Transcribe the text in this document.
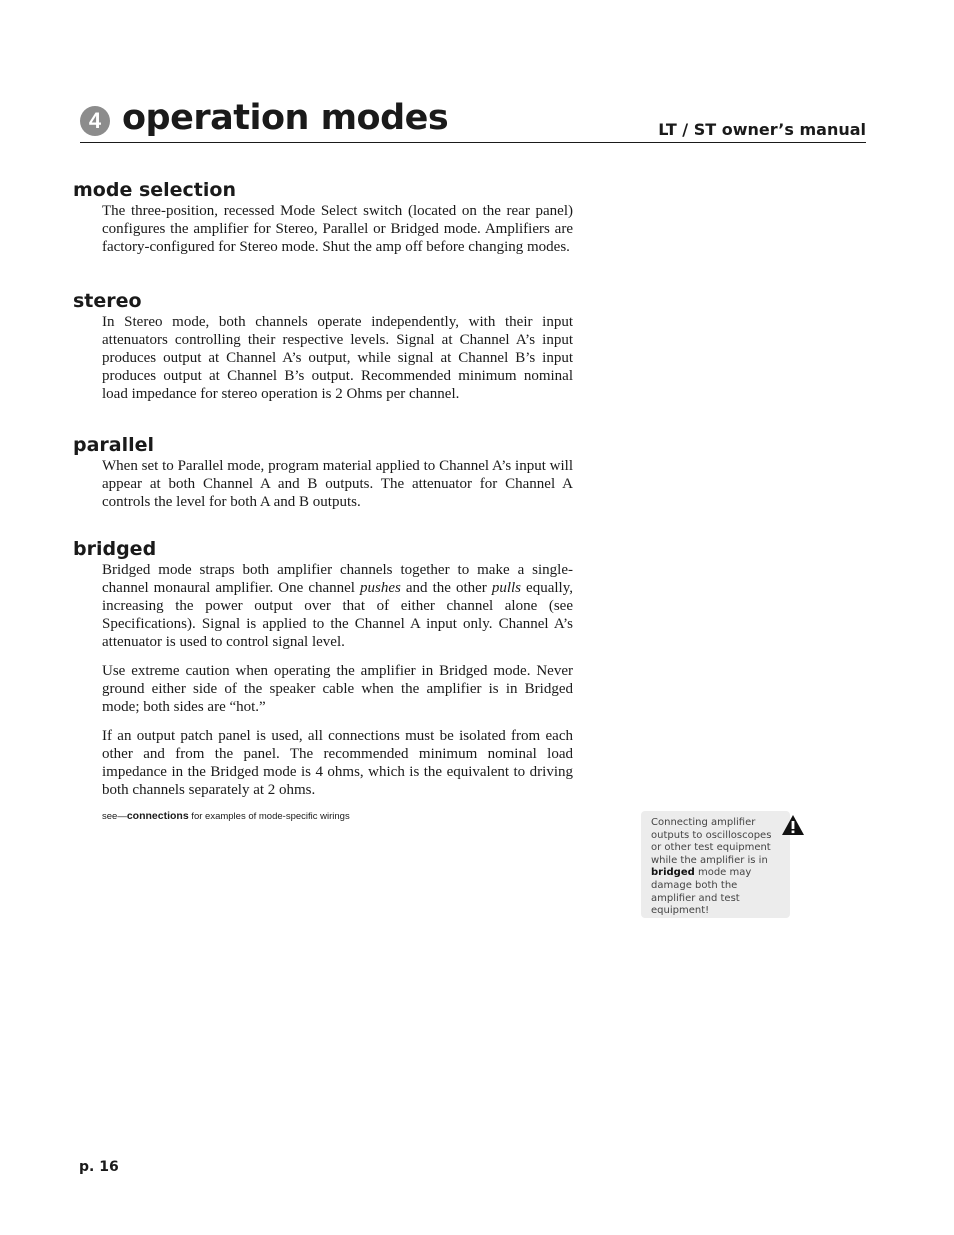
4 operation modes	LT / ST owner’s manual
mode selection

The three-position, recessed Mode Select switch (located on the rear panel) configures the amplifier for Stereo, Parallel or Bridged mode. Amplifiers are factory-configured for Stereo mode. Shut the amp off before changing modes.

stereo

In Stereo mode, both channels operate independently, with their input attenuators controlling their respective levels. Signal at Channel A’s input produces output at Channel A’s output, while signal at Channel B’s input produces output at Channel B’s output. Recommended minimum nominal load impedance for stereo operation is 2 Ohms per channel.

parallel

When set to Parallel mode, program material applied to Channel A’s input will appear at both Channel A and B outputs. The attenuator for Channel A controls the level for both A and B outputs.

bridged

Bridged mode straps both amplifier channels together to make a single-channel monaural amplifier. One channel pushes and the other pulls equally, increasing the power output over that of either channel alone (see Specifications). Signal is applied to the Channel A input only. Channel A’s attenuator is used to control signal level.

Use extreme caution when operating the amplifier in Bridged mode. Never ground either side of the speaker cable when the amplifier is in Bridged mode; both sides are “hot.”

If an output patch panel is used, all connections must be isolated from each other and from the panel. The recommended minimum nominal load impedance in the Bridged mode is 4 ohms, which is the equivalent to driving both channels separately at 2 ohms.

see—connections for examples of mode-specific wirings
Connecting amplifier outputs to oscilloscopes or other test equipment while the amplifier is in bridged mode may damage both the amplifier and test equipment!
p. 16
